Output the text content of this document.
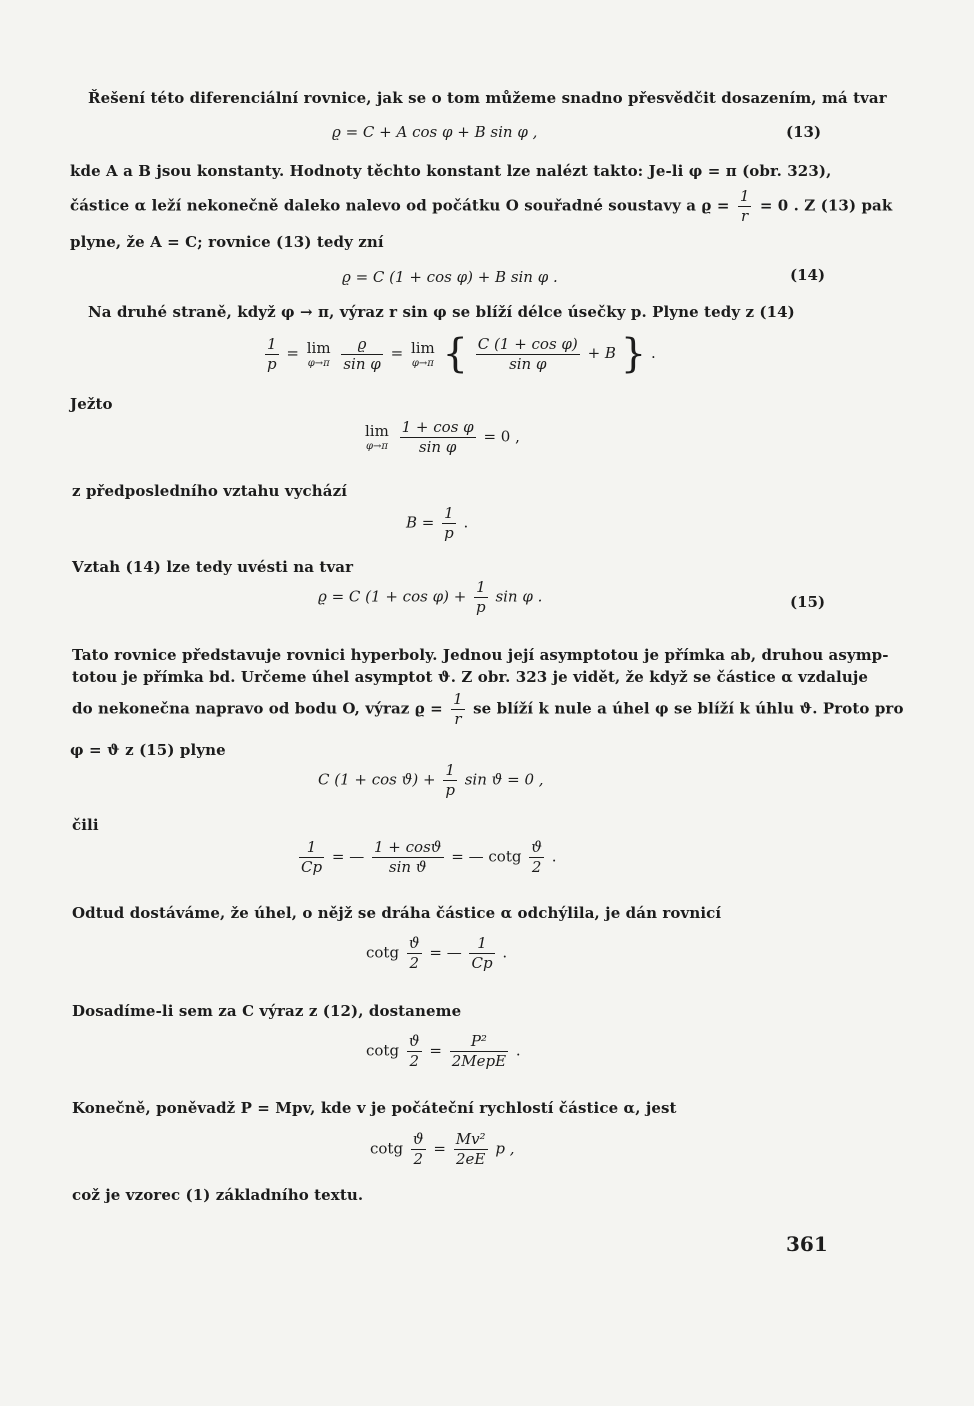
Řešení této diferenciální rovnice, jak se o tom můžeme snadno přesvědčit dosazením, má tvar
ϱ = C + A cos φ + B sin φ ,	(13)
kde A a B jsou konstanty. Hodnoty těchto konstant lze nalézt takto: Je-li φ = π (obr. 323),
částice α leží nekonečně daleko nalevo od počátku O souřadné soustavy a $ϱ = \frac{1}{r} = 0$ . Z (13) pak
plyne, že A = C; rovnice (13) tedy zní
ϱ = C (1 + cos φ) + B sin φ .	(14)
Na druhé straně, když φ → π, výraz r sin φ se blíží délce úsečky p. Plyne tedy z (14)
$\frac{1}{p} = \lim$
φ→π
$\frac{ϱ}{\text{sin φ}} = \lim$
φ→π { $\frac{\text{C (1 + cos φ)}}{\text{sin φ}} + B$ } .
Ježto
lim
φ→π
$\frac{\text{1 + cos φ}}{\text{sin φ}} = 0$ ,
z předposledního vztahu vychází
$B = \frac{1}{p}$ .
Vztah (14) lze tedy uvésti na tvar
ϱ = C $(1 + \cos \varphi) + \frac{1}{p}$ sin φ .	(15)
Tato rovnice představuje rovnici hyperboly. Jednou její asymptotou je přímka ab, druhou asymp-
totou je přímka bd. Určeme úhel asymptot ϑ. Z obr. 323 je vidět, že když se částice α vzdaluje
do nekonečna napravo od bodu O, výraz $ϱ = \frac{1}{r}$ se blíží k nule a úhel φ se blíží k úhlu ϑ. Proto pro
φ = ϑ z (15) plyne
C $(1 + \cos ϑ) + \frac{1}{p}$ sin ϑ = 0 ,
čili
$\frac{1}{Cp}$ = — $\frac{1 + \cos ϑ}{\text{sin ϑ}}$ = — cotg $\frac{ϑ}{2}$ .
Odtud dostáváme, že úhel, o nějž se dráha částice α odchýlila, je dán rovnicí
cotg $\frac{ϑ}{2}$ = — $\frac{1}{Cp}$ .
Dosadíme-li sem za C výraz z (12), dostaneme
cotg $\frac{ϑ}{2}$ =
P²
2MepE
.
Konečně, poněvadž P = Mpv, kde v je počáteční rychlostí částice α, jest
cotg $\frac{ϑ}{2} = \frac{\text{Mv²}}{2eE}$ p ,
což je vzorec (1) základního textu.
361
